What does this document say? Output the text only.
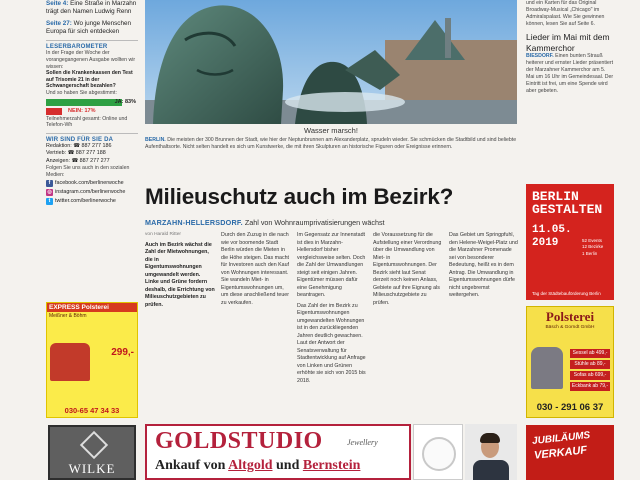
Seite 4: Eine Straße in Marzahn trägt den Namen Ludwig Renn
Seite 27: Wo junge Menschen Europa für sich entdecken
LESERBAROMETER
In der Frage der Woche der vorangegangenen Ausgabe wollten wir wissen:
Sollen die Krankenkassen den Test auf Trisomie 21 in der Schwangerschaft bezahlen?
Und so haben Sie abgestimmt:
JA: 83%
NEIN: 17%
Teilnehmerzahl gesamt: Online und Telefon-Wh
WIR SIND FÜR SIE DA
Redaktion: ☎ 887 277 186
Vertrieb: ☎ 887 277 188
Anzeigen: ☎ 887 277 277
Folgen Sie uns auch in den sozialen Medien:
f facebook.com/berlinerwoche
◎ instagram.com/berlinerwoche
t twitter.com/berlinerwoche
EXPRESS Polsterei
Meißner & Böhm
299,-
030-65 47 34 33
WILKE
Wasser marsch!
BERLIN. Die meisten der 300 Brunnen der Stadt, wie hier der Neptunbrunnen am Alexanderplatz, sprudeln wieder. Sie schmücken die Stadtbild und sind beliebte Aufenthaltsorte. Nicht selten handelt es sich um Kunstwerke, die mit ihren Skulpturen an historische Figuren oder Ereignisse erinnern.
und ein Karten für das Original Broadway-Musical „Chicago" im Admiralspalast. Wie Sie gewinnen können, lesen Sie auf Seite 6.
Lieder im Mai mit dem Kammerchor
BIESDORF. Einen bunten Strauß heiterer und ernster Lieder präsentiert der Marzahner Kammerchor am 5. Mai um 16 Uhr im Gemeindesaal. Der Eintritt ist frei, um eine Spende wird aber gebeten.
BERLIN
GESTALTEN
11.05.
2019	52 Events
12 Bezirke
1 Berlin
Tag der Städtebauförderung Berlin
Polsterei
Bäsch & Gorndt GmbH
Sessel ab 499,-
Stühle ab 89,-
Sofas ab 699,-
Eckbank ab 79,-
030 - 291 06 37
JUBILÄUMS
VERKAUF
Milieuschutz auch im Bezirk?
MARZAHN-HELLERSDORF. Zahl von Wohnraumprivatisierungen wächst
von Harald Ritter

Auch im Bezirk wächst die Zahl der Mietwohnungen, die in Eigentumswohnungen umgewandelt werden. Linke und Grüne fordern deshalb, die Errichtung von Milieuschutzgebieten zu prüfen.

Durch den Zuzug in die nach wie vor boomende Stadt Berlin würden die Mieten in die Höhe steigen. Das macht für Investoren auch den Kauf von Wohnungen interessant. Sie wandeln Miet- in Eigentumswohnungen um, um diese anschließend teuer zu verkaufen.

Im Gegensatz zur Innenstadt ist dies in Marzahn-Hellersdorf bisher vergleichsweise selten. Doch die Zahl der Umwandlungen steigt seit einigen Jahren. Eigentümer müssen dafür eine Genehmigung beantragen.

Das Zahl der im Bezirk zu Eigentumswohnungen umgewandelten Wohnungen ist in den zurückliegenden Jahren deutlich gewachsen. Laut der Antwort der Senatsverwaltung für Stadtentwicklung auf Anfrage von Linken und Grünen erhöhte sie sich von 2015 bis 2018.

die Voraussetzung für die Aufstellung einer Verordnung über die Umwandlung von Miet- in Eigentumswohnungen. Der Bezirk sieht laut Senat derzeit noch keinen Anlass, Gebiete auf ihre Eignung als Milieuschutzgebiete zu prüfen.

Das Gebiet um Springpfuhl, den Helene-Weigel-Platz und die Marzahner Promenade sei von besonderer Bedeutung, heißt es in dem Antrag. Die Umwandlung in Eigentumswohnungen dürfe nicht ungebremst weitergehen.

GOLDSTUDIO	Jewellery
Ankauf von Altgold und Bernstein
